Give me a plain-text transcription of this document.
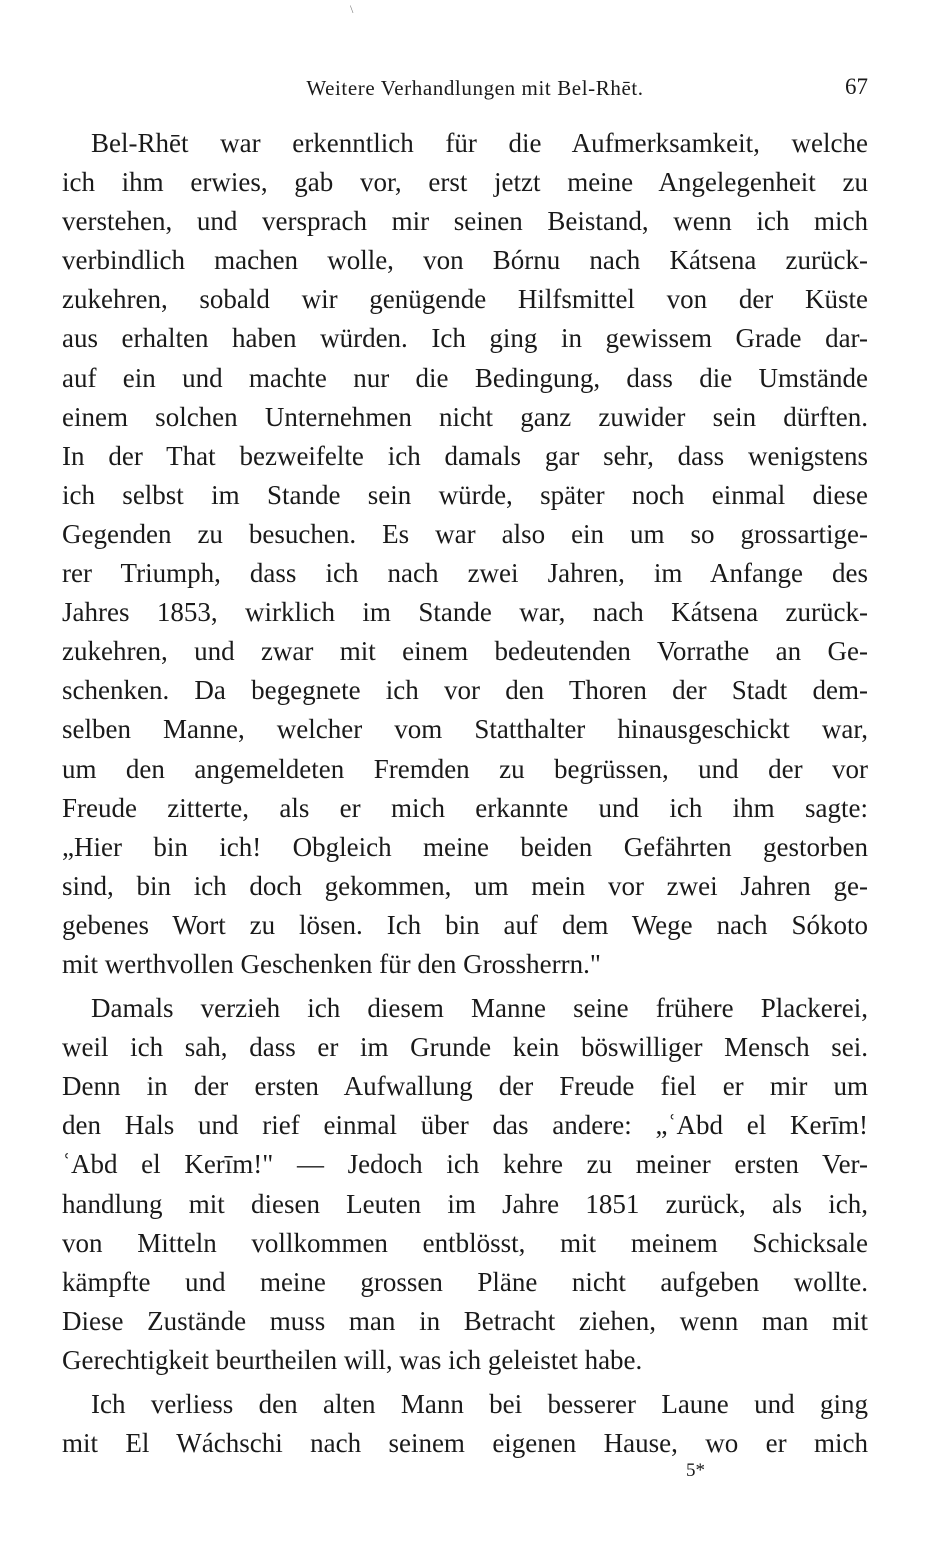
\
Weitere Verhandlungen mit Bel-Rhēt.	67
Bel-Rhēt war erkenntlich für die Aufmerksamkeit, welche
ich ihm erwies, gab vor, erst jetzt meine Angelegenheit zu
verstehen, und versprach mir seinen Beistand, wenn ich mich
verbindlich machen wolle, von Bórnu nach Kátsena zurück-
zukehren, sobald wir genügende Hilfsmittel von der Küste
aus erhalten haben würden. Ich ging in gewissem Grade dar-
auf ein und machte nur die Bedingung, dass die Umstände
einem solchen Unternehmen nicht ganz zuwider sein dürften.
In der That bezweifelte ich damals gar sehr, dass wenigstens
ich selbst im Stande sein würde, später noch einmal diese
Gegenden zu besuchen. Es war also ein um so grossartige-
rer Triumph, dass ich nach zwei Jahren, im Anfange des
Jahres 1853, wirklich im Stande war, nach Kátsena zurück-
zukehren, und zwar mit einem bedeutenden Vorrathe an Ge-
schenken. Da begegnete ich vor den Thoren der Stadt dem-
selben Manne, welcher vom Statthalter hinausgeschickt war,
um den angemeldeten Fremden zu begrüssen, und der vor
Freude zitterte, als er mich erkannte und ich ihm sagte:
„Hier bin ich! Obgleich meine beiden Gefährten gestorben
sind, bin ich doch gekommen, um mein vor zwei Jahren ge-
gebenes Wort zu lösen. Ich bin auf dem Wege nach Sókoto
mit werthvollen Geschenken für den Grossherrn."
Damals verzieh ich diesem Manne seine frühere Plackerei,
weil ich sah, dass er im Grunde kein böswilliger Mensch sei.
Denn in der ersten Aufwallung der Freude fiel er mir um
den Hals und rief einmal über das andere: „ʿAbd el Kerīm!
ʿAbd el Kerīm!" — Jedoch ich kehre zu meiner ersten Ver-
handlung mit diesen Leuten im Jahre 1851 zurück, als ich,
von Mitteln vollkommen entblösst, mit meinem Schicksale
kämpfte und meine grossen Pläne nicht aufgeben wollte.
Diese Zustände muss man in Betracht ziehen, wenn man mit
Gerechtigkeit beurtheilen will, was ich geleistet habe.
Ich verliess den alten Mann bei besserer Laune und ging
mit El Wáchschi nach seinem eigenen Hause, wo er mich
5*
